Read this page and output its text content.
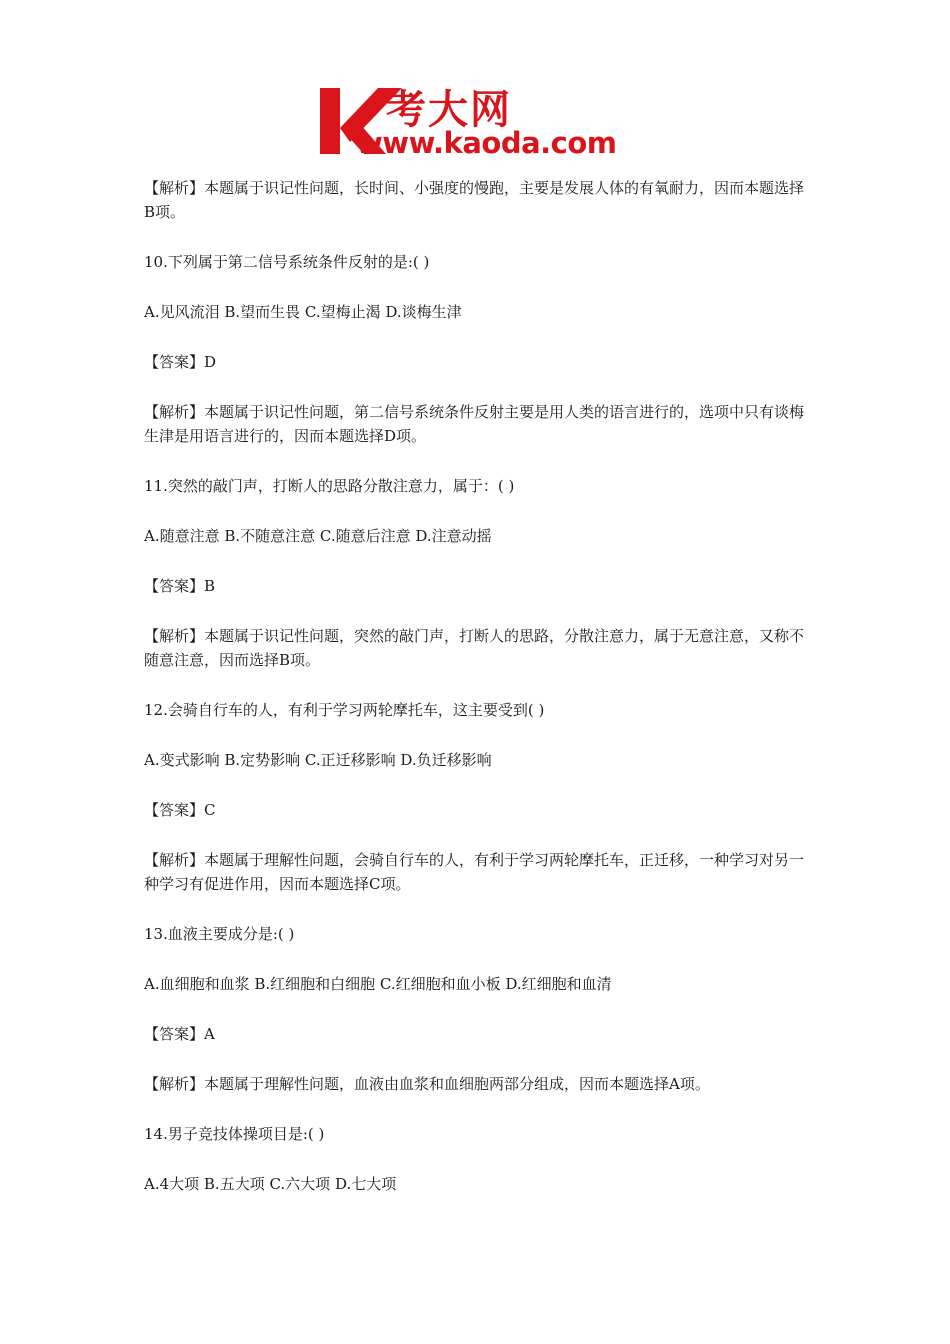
考大网
www.kaoda.com

【解析】本题属于识记性问题，长时间、小强度的慢跑，主要是发展人体的有氧耐力，因而本题选择B项。

10.下列属于第二信号系统条件反射的是:( )

A.见风流泪 B.望而生畏 C.望梅止渴 D.谈梅生津

【答案】D

【解析】本题属于识记性问题，第二信号系统条件反射主要是用人类的语言进行的，选项中只有谈梅生津是用语言进行的，因而本题选择D项。

11.突然的敲门声，打断人的思路分散注意力，属于：( )

A.随意注意 B.不随意注意 C.随意后注意 D.注意动摇

【答案】B

【解析】本题属于识记性问题，突然的敲门声，打断人的思路，分散注意力，属于无意注意，又称不随意注意，因而选择B项。

12.会骑自行车的人，有利于学习两轮摩托车，这主要受到( )

A.变式影响 B.定势影响 C.正迁移影响 D.负迁移影响

【答案】C

【解析】本题属于理解性问题，会骑自行车的人，有利于学习两轮摩托车，正迁移，一种学习对另一种学习有促进作用，因而本题选择C项。

13.血液主要成分是:( )

A.血细胞和血浆 B.红细胞和白细胞 C.红细胞和血小板 D.红细胞和血清

【答案】A

【解析】本题属于理解性问题，血液由血浆和血细胞两部分组成，因而本题选择A项。

14.男子竞技体操项目是:( )

A.4大项 B.五大项 C.六大项 D.七大项
